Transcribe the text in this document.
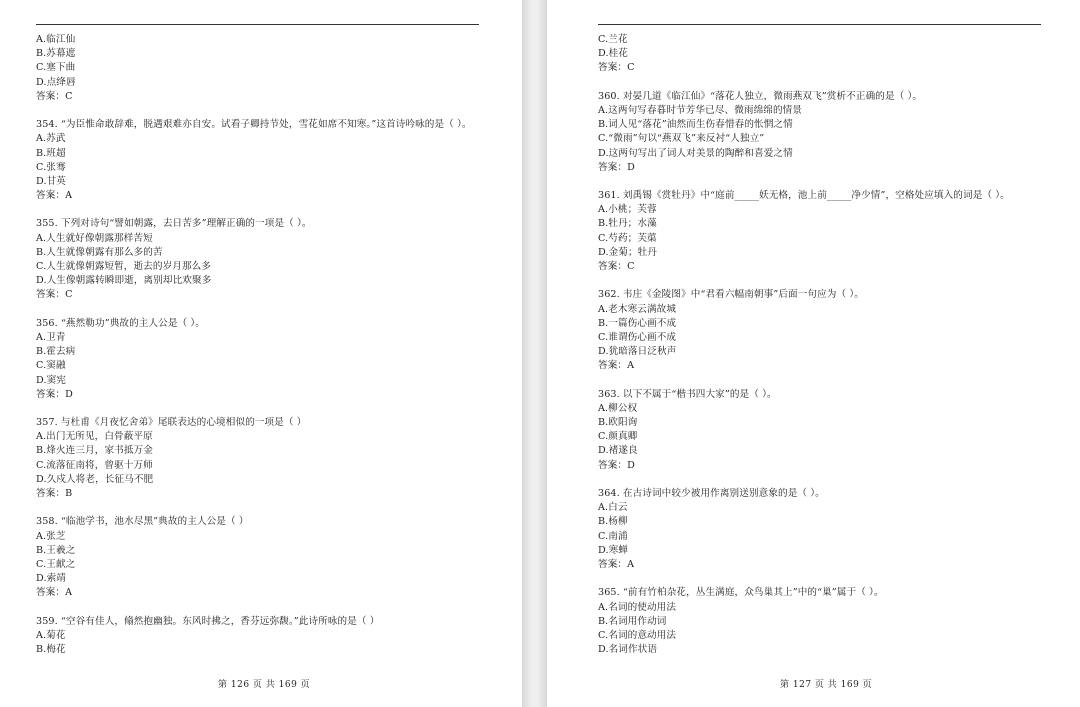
A.临江仙
B.苏幕遮
C.塞下曲
D.点绛唇
答案：C
354. “为臣惟命敢辞难，脱遇艰难亦自安。试看子卿持节处，雪花如席不知寒。”这首诗吟咏的是（ ）。
A.苏武
B.班超
C.张骞
D.甘英
答案：A
355. 下列对诗句“譬如朝露，去日苦多”理解正确的一项是（ ）。
A.人生就好像朝露那样苦短
B.人生就像朝露有那么多的苦
C.人生就像朝露短暂，逝去的岁月那么多
D.人生像朝露转瞬即逝，离别却比欢聚多
答案：C
356. “燕然勒功”典故的主人公是（ ）。
A.卫青
B.霍去病
C.窦融
D.窦宪
答案：D
357. 与杜甫《月夜忆舍弟》尾联表达的心境相似的一项是（ ）
A.出门无所见，白骨蔽平原
B.烽火连三月，家书抵万金
C.流落征南将，曾驱十万师
D.久戍人将老，长征马不肥
答案：B
358. “临池学书，池水尽黑”典故的主人公是（ ）
A.张芝
B.王羲之
C.王献之
D.索靖
答案：A
359. “空谷有佳人，翛然抱幽独。东风时拂之，香芬远弥馥。”此诗所咏的是（ ）
A.菊花
B.梅花
第 126 页 共 169 页
C.兰花
D.桂花
答案：C
360. 对晏几道《临江仙》“落花人独立，微雨燕双飞”赏析不正确的是（ ）。
A.这两句写春暮时节芳华已尽、微雨绵绵的情景
B.词人见“落花”油然而生伤春惜春的怅惘之情
C.“微雨”句以“燕双飞”来反衬“人独立”
D.这两句写出了词人对美景的陶醉和喜爱之情
答案：D
361. 刘禹锡《赏牡丹》中“庭前_____妖无格，池上前_____净少情”，空格处应填入的词是（ ）。
A.小桃；芙蓉
B.牡丹；水藻
C.芍药；芙蕖
D.金菊；牡丹
答案：C
362. 韦庄《金陵图》中“君看六幅南朝事”后面一句应为（ ）。
A.老木寒云满故城
B.一篇伤心画不成
C.谁谓伤心画不成
D.犹暗落日泛秋声
答案：A
363. 以下不属于“楷书四大家”的是（ ）。
A.柳公权
B.欧阳询
C.颜真卿
D.褚遂良
答案：D
364. 在古诗词中较少被用作离别送别意象的是（ ）。
A.白云
B.杨柳
C.南浦
D.寒蝉
答案：A
365. “前有竹柏杂花，丛生满庭，众鸟巢其上”中的“巢”属于（ ）。
A.名词的使动用法
B.名词用作动词
C.名词的意动用法
D.名词作状语
第 127 页 共 169 页
